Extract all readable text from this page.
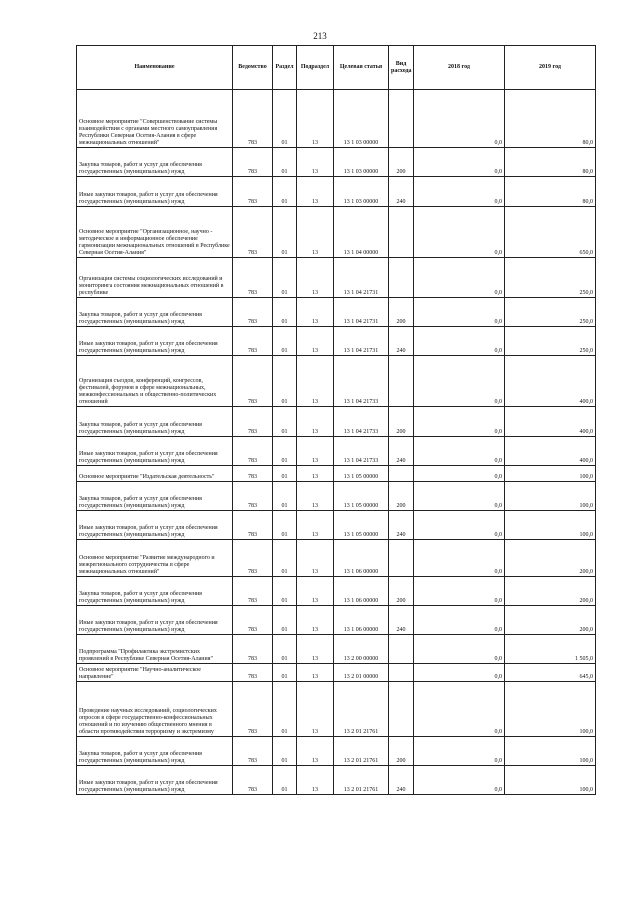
213
Наименование	Ведомство	Раздел	Подраздел	Целевая статья	Вид расхода	2018 год	2019 год
Основное мероприятие "Совершенствование системы взаимодействия с органами местного самоуправления Республики Северная Осетия-Алания в сфере межнациональных отношений"	783	01	13	13 1 03 00000		0,0	80,0
Закупка товаров, работ и услуг для обеспечения государственных (муниципальных) нужд	783	01	13	13 1 03 00000	200	0,0	80,0
Иные закупки товаров, работ и услуг для обеспечения государственных (муниципальных) нужд	783	01	13	13 1 03 00000	240	0,0	80,0
Основное мероприятие "Организационное, научно - методическое и информационное обеспечение гармонизации межнациональных отношений в Республике Северная Осетия-Алания"	783	01	13	13 1 04 00000		0,0	650,0
Организация системы социологических исследований и мониторинга состояния межнациональных отношений в республике	783	01	13	13 1 04 21731		0,0	250,0
Закупка товаров, работ и услуг для обеспечения государственных (муниципальных) нужд	783	01	13	13 1 04 21731	200	0,0	250,0
Иные закупки товаров, работ и услуг для обеспечения государственных (муниципальных) нужд	783	01	13	13 1 04 21731	240	0,0	250,0
Организация съездов, конференций, конгрессов, фестивалей, форумов в сфере межнациональных, межконфессиональных и общественно-политических отношений	783	01	13	13 1 04 21733		0,0	400,0
Закупка товаров, работ и услуг для обеспечения государственных (муниципальных) нужд	783	01	13	13 1 04 21733	200	0,0	400,0
Иные закупки товаров, работ и услуг для обеспечения государственных (муниципальных) нужд	783	01	13	13 1 04 21733	240	0,0	400,0
Основное мероприятие "Издательская деятельность"	783	01	13	13 1 05 00000		0,0	100,0
Закупка товаров, работ и услуг для обеспечения государственных (муниципальных) нужд	783	01	13	13 1 05 00000	200	0,0	100,0
Иные закупки товаров, работ и услуг для обеспечения государственных (муниципальных) нужд	783	01	13	13 1 05 00000	240	0,0	100,0
Основное мероприятие "Развитие международного и межрегионального сотрудничества в сфере межнациональных отношений"	783	01	13	13 1 06 00000		0,0	200,0
Закупка товаров, работ и услуг для обеспечения государственных (муниципальных) нужд	783	01	13	13 1 06 00000	200	0,0	200,0
Иные закупки товаров, работ и услуг для обеспечения государственных (муниципальных) нужд	783	01	13	13 1 06 00000	240	0,0	200,0
Подпрограмма "Профилактика экстремистских проявлений в Республике Северная Осетия-Алания"	783	01	13	13 2 00 00000		0,0	1 505,0
Основное мероприятие "Научно-аналитическое направление"	783	01	13	13 2 01 00000		0,0	645,0
Проведение научных исследований, социологических опросов в сфере государственно-конфессиональных отношений и по изучению общественного мнения в области противодействия терроризму и экстремизму	783	01	13	13 2 01 21761		0,0	100,0
Закупка товаров, работ и услуг для обеспечения государственных (муниципальных) нужд	783	01	13	13 2 01 21761	200	0,0	100,0
Иные закупки товаров, работ и услуг для обеспечения государственных (муниципальных) нужд	783	01	13	13 2 01 21761	240	0,0	100,0
